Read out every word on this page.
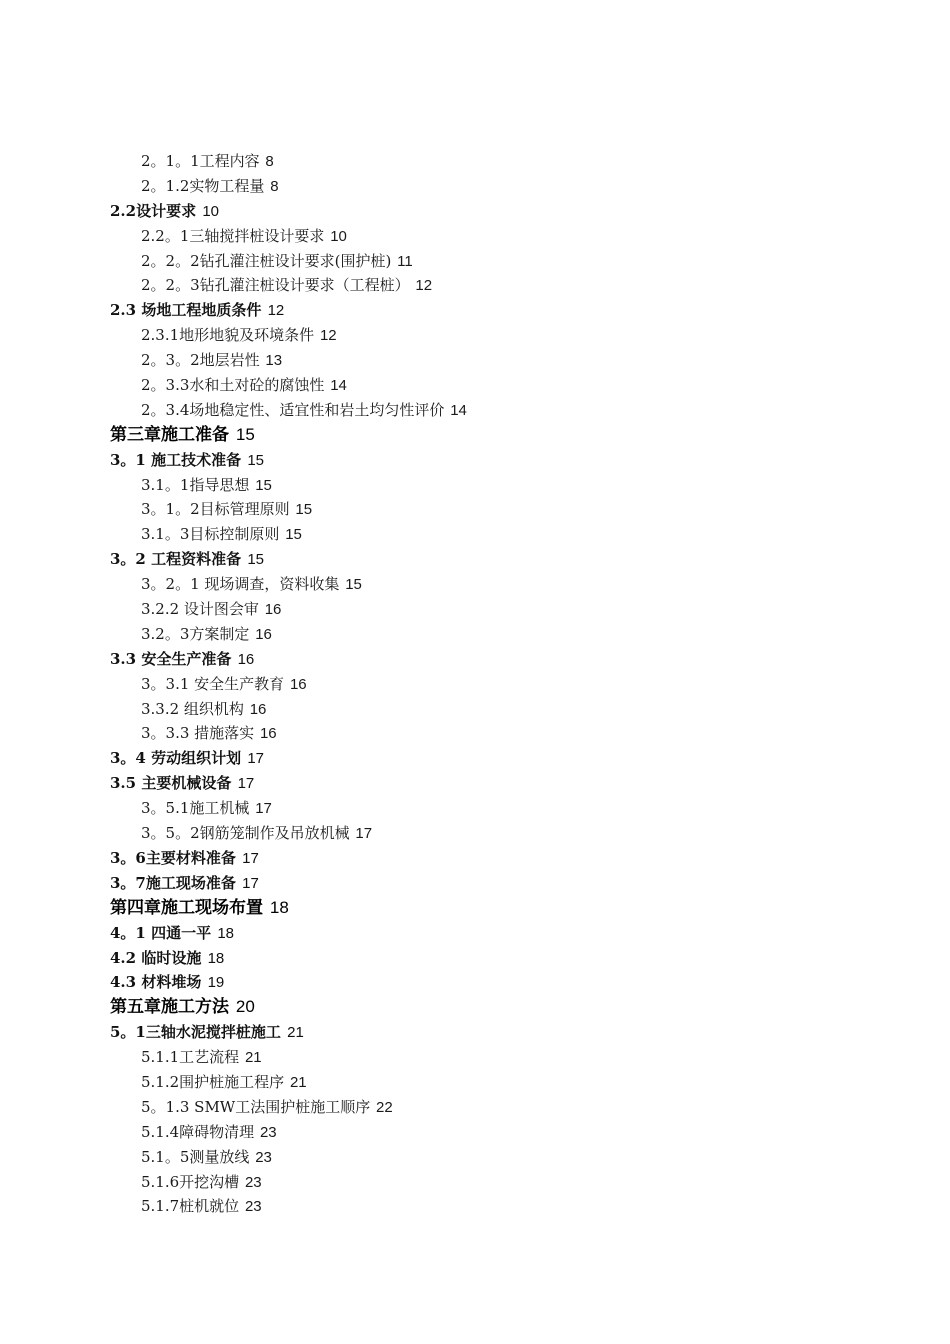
2。1。1工程内容 8
2。1.2实物工程量 8
2.2设计要求 10
2.2。1三轴搅拌桩设计要求 10
2。2。2钻孔灌注桩设计要求(围护桩) 11
2。2。3钻孔灌注桩设计要求（工程桩） 12
2.3 场地工程地质条件 12
2.3.1地形地貌及环境条件 12
2。3。2地层岩性 13
2。3.3水和土对砼的腐蚀性 14
2。3.4场地稳定性、适宜性和岩土均匀性评价 14
第三章施工准备 15
3。1 施工技术准备 15
3.1。1指导思想 15
3。1。2目标管理原则 15
3.1。3目标控制原则 15
3。2 工程资料准备 15
3。2。1 现场调查，资料收集 15
3.2.2 设计图会审 16
3.2。3方案制定 16
3.3 安全生产准备 16
3。3.1 安全生产教育 16
3.3.2 组织机构 16
3。3.3 措施落实 16
3。4 劳动组织计划 17
3.5 主要机械设备 17
3。5.1施工机械 17
3。5。2钢筋笼制作及吊放机械 17
3。6主要材料准备 17
3。7施工现场准备 17
第四章施工现场布置 18
4。1 四通一平 18
4.2 临时设施 18
4.3 材料堆场 19
第五章施工方法 20
5。1三轴水泥搅拌桩施工 21
5.1.1工艺流程 21
5.1.2围护桩施工程序 21
5。1.3 SMW工法围护桩施工顺序 22
5.1.4障碍物清理 23
5.1。5测量放线 23
5.1.6开挖沟槽 23
5.1.7桩机就位 23
